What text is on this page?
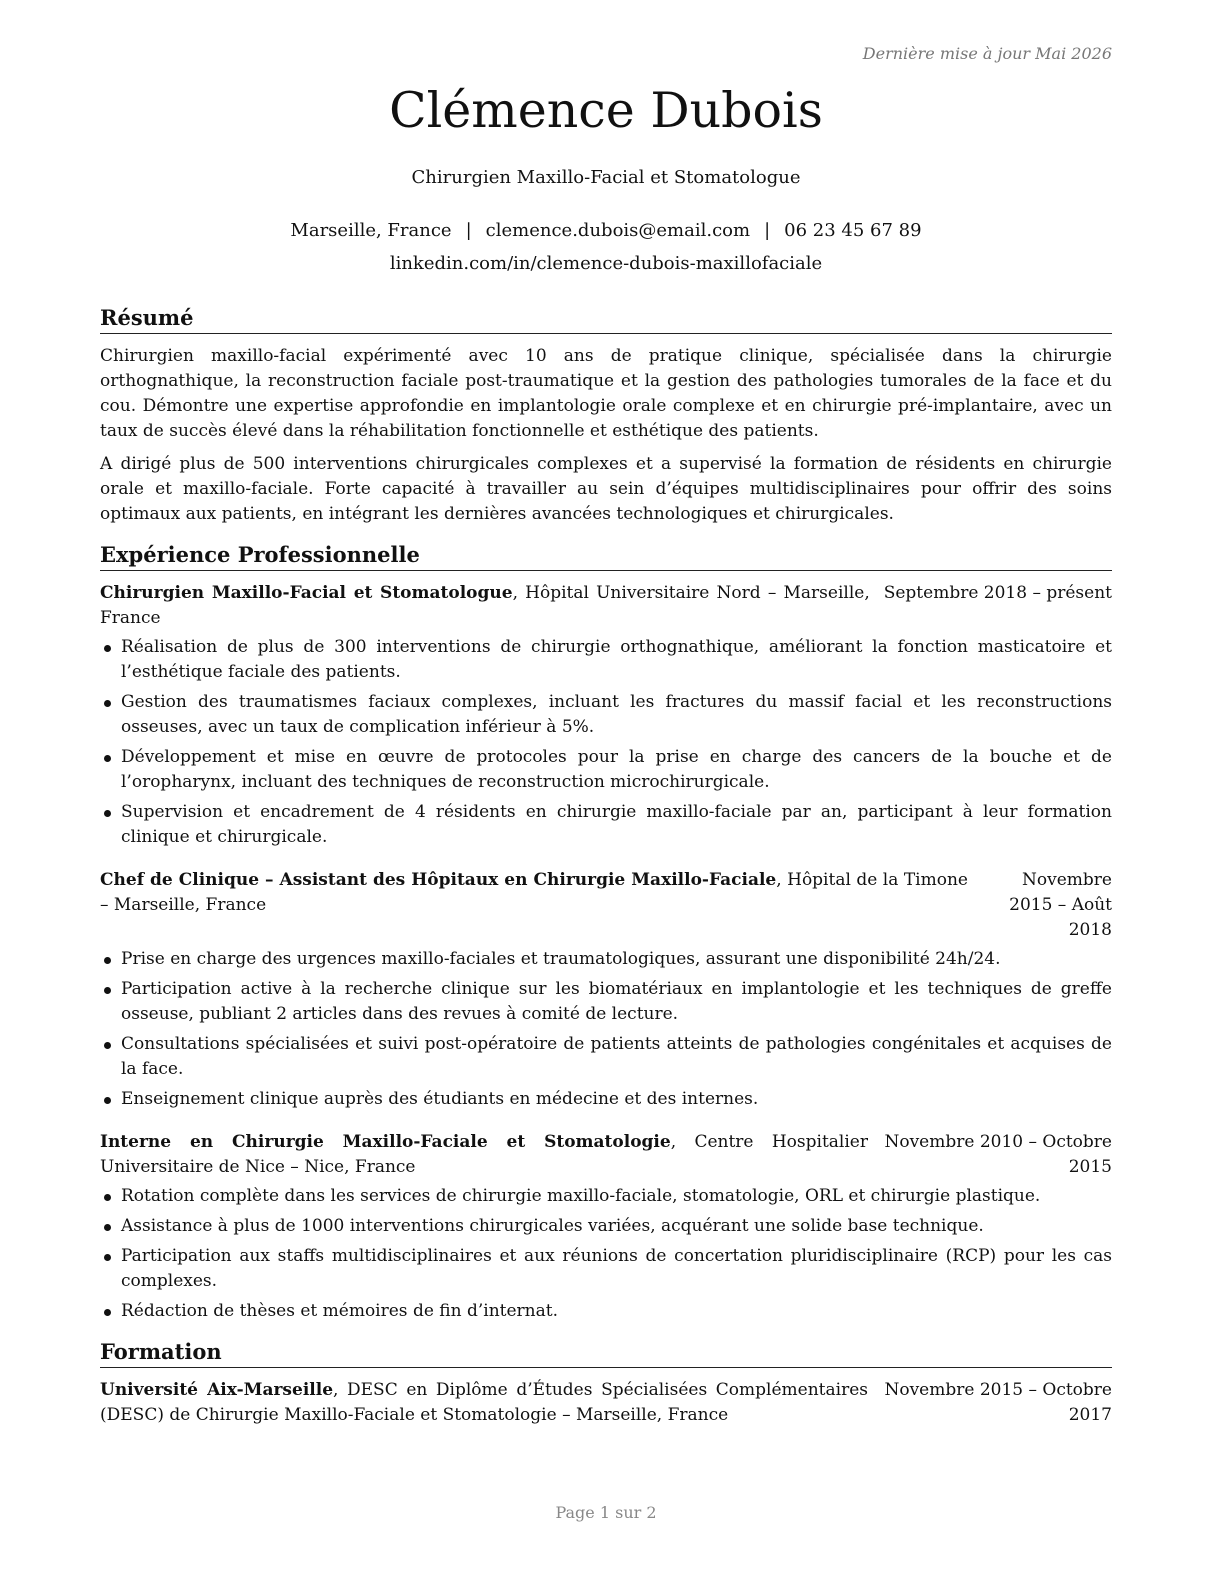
Dernière mise à jour Mai 2026
Clémence Dubois
Chirurgien Maxillo-Facial et Stomatologue
Marseille, France | clemence.dubois@email.com | 06 23 45 67 89
linkedin.com/in/clemence-dubois-maxillofaciale
Résumé

Chirurgien maxillo-facial expérimenté avec 10 ans de pratique clinique, spécialisée dans la chirurgie orthognathique, la reconstruction faciale post-traumatique et la gestion des pathologies tumorales de la face et du cou. Démontre une expertise approfondie en implantologie orale complexe et en chirurgie pré-implantaire, avec un taux de succès élevé dans la réhabilitation fonctionnelle et esthétique des patients.

A dirigé plus de 500 interventions chirurgicales complexes et a supervisé la formation de résidents en chirurgie orale et maxillo-faciale. Forte capacité à travailler au sein d’équipes multidisciplinaires pour offrir des soins optimaux aux patients, en intégrant les dernières avancées technologiques et chirurgicales.

Expérience Professionnelle
Chirurgien Maxillo-Facial et Stomatologue, Hôpital Universitaire Nord – Marseille, France
Septembre 2018 – présent
Réalisation de plus de 300 interventions de chirurgie orthognathique, améliorant la fonction masticatoire et l’esthétique faciale des patients.
Gestion des traumatismes faciaux complexes, incluant les fractures du massif facial et les reconstructions osseuses, avec un taux de complication inférieur à 5%.
Développement et mise en œuvre de protocoles pour la prise en charge des cancers de la bouche et de l’oropharynx, incluant des techniques de reconstruction microchirurgicale.
Supervision et encadrement de 4 résidents en chirurgie maxillo-faciale par an, participant à leur formation clinique et chirurgicale.
Chef de Clinique – Assistant des Hôpitaux en Chirurgie Maxillo-Faciale, Hôpital de la Timone – Marseille, France
Novembre 2015 – Août 2018
Prise en charge des urgences maxillo-faciales et traumatologiques, assurant une disponibilité 24h/24.
Participation active à la recherche clinique sur les biomatériaux en implantologie et les techniques de greffe osseuse, publiant 2 articles dans des revues à comité de lecture.
Consultations spécialisées et suivi post-opératoire de patients atteints de pathologies congénitales et acquises de la face.
Enseignement clinique auprès des étudiants en médecine et des internes.
Interne en Chirurgie Maxillo-Faciale et Stomatologie, Centre Hospitalier Universitaire de Nice – Nice, France
Novembre 2010 – Octobre 2015
Rotation complète dans les services de chirurgie maxillo-faciale, stomatologie, ORL et chirurgie plastique.
Assistance à plus de 1000 interventions chirurgicales variées, acquérant une solide base technique.
Participation aux staffs multidisciplinaires et aux réunions de concertation pluridisciplinaire (RCP) pour les cas complexes.
Rédaction de thèses et mémoires de fin d’internat.
Formation
Université Aix-Marseille, DESC en Diplôme d’Études Spécialisées Complémentaires (DESC) de Chirurgie Maxillo-Faciale et Stomatologie – Marseille, France
Novembre 2015 – Octobre 2017
Page 1 sur 2
